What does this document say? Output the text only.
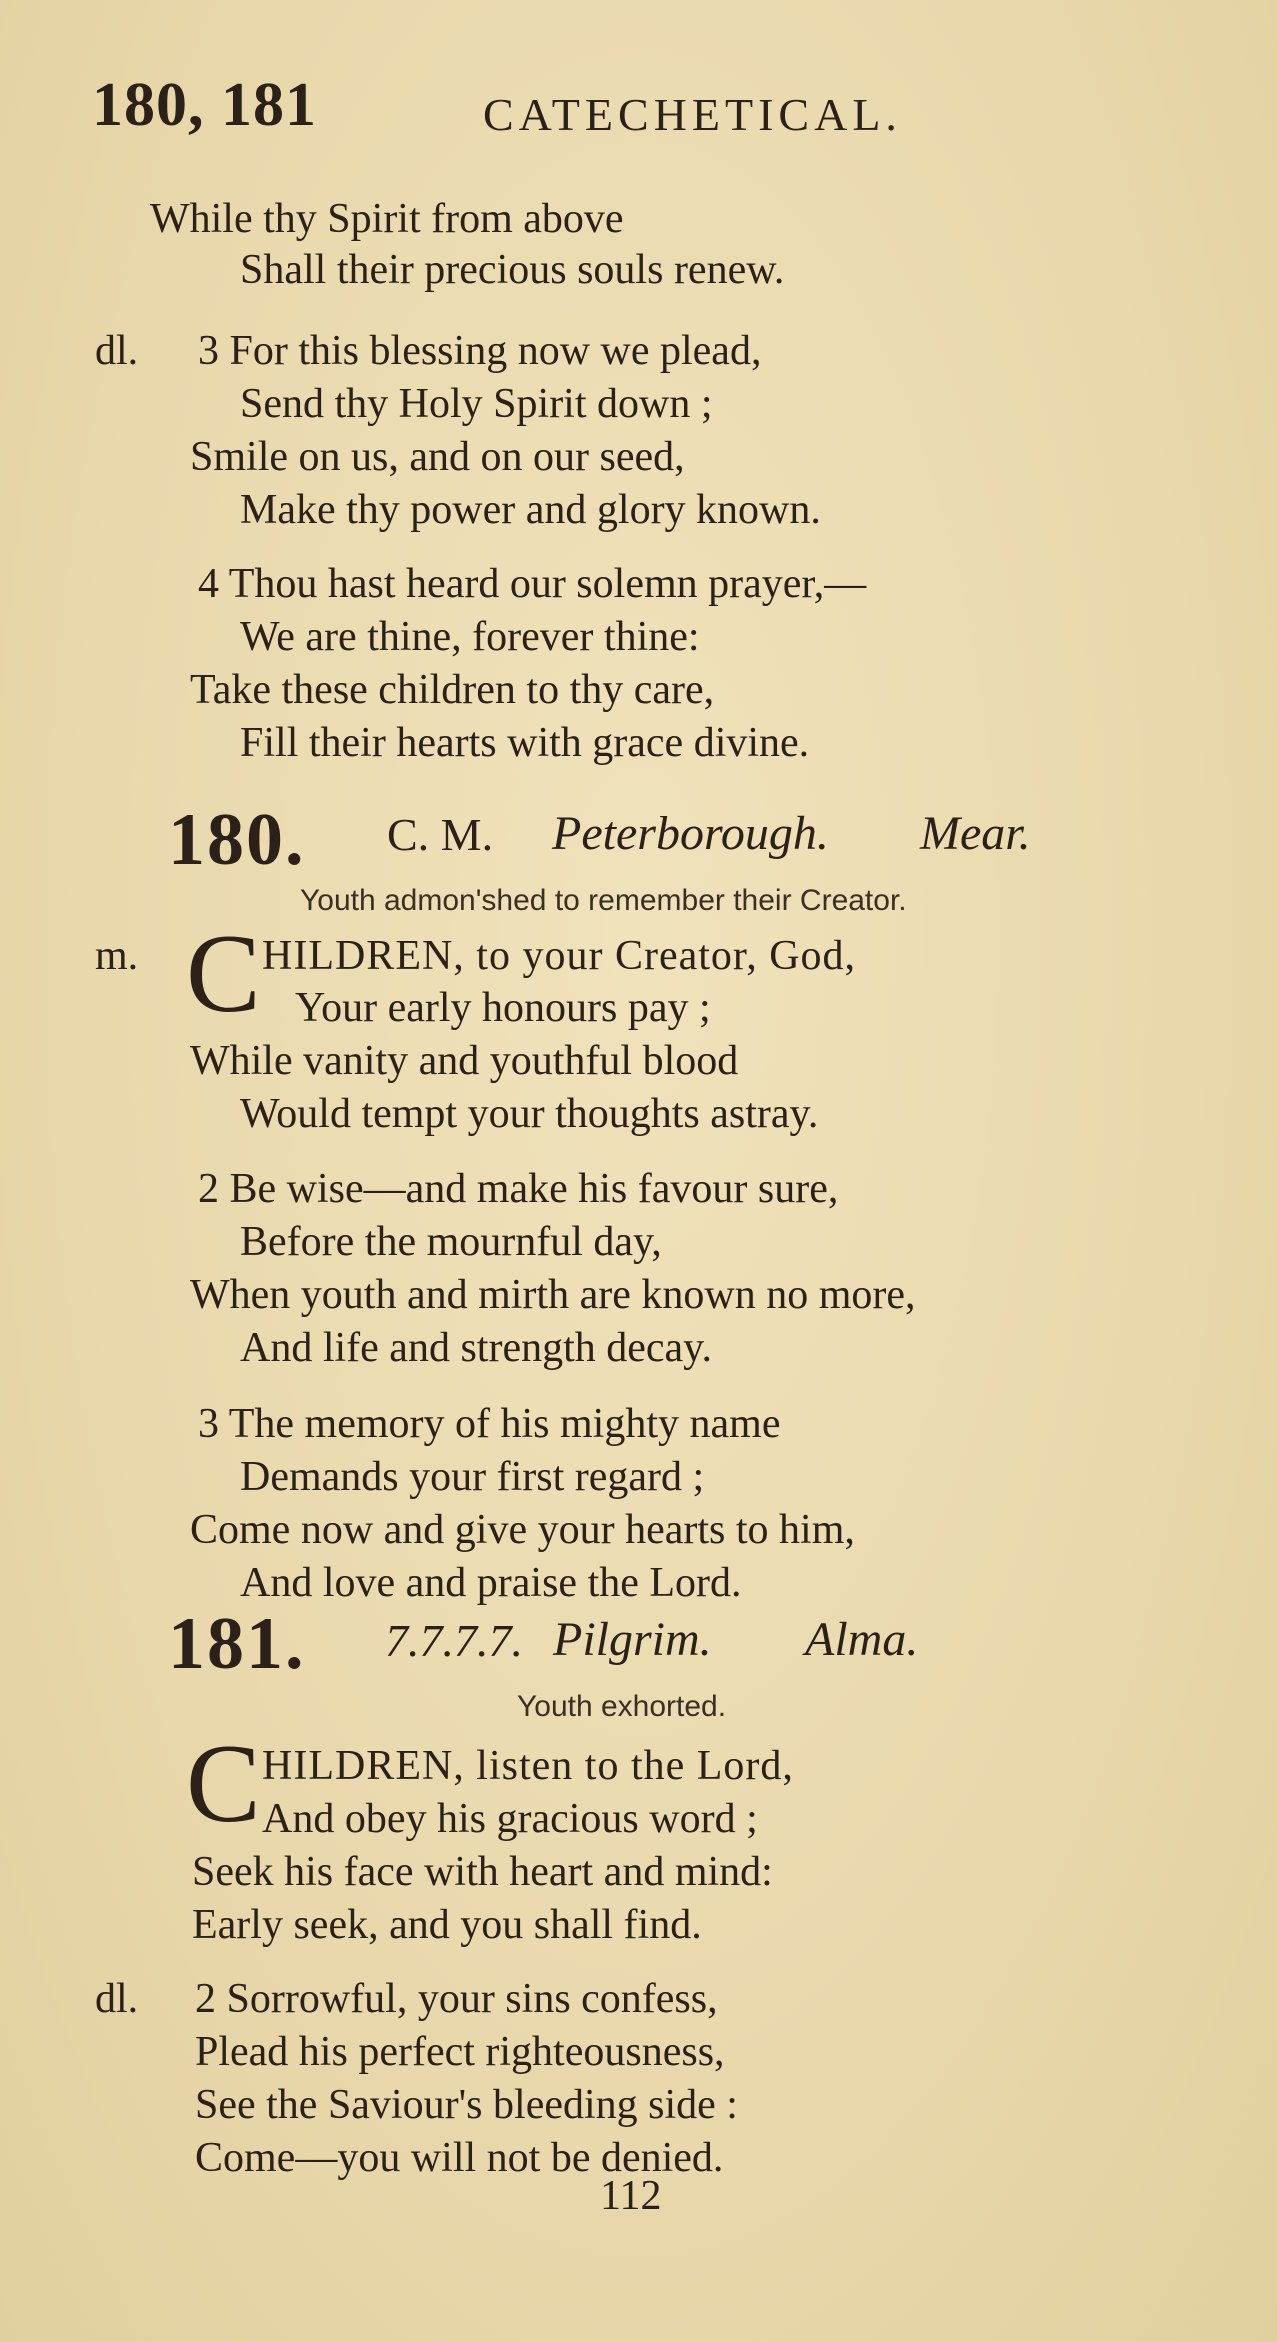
180, 181	CATECHETICAL.
While thy Spirit from above
Shall their precious souls renew.
dl. 3 For this blessing now we plead,
Send thy Holy Spirit down ;
Smile on us, and on our seed,
Make thy power and glory known.
4 Thou hast heard our solemn prayer,—
We are thine, forever thine:
Take these children to thy care,
Fill their hearts with grace divine.
180. C. M. Peterborough. Mear.
Youth admon'shed to remember their Creator.
m. C HILDREN, to your Creator, God,
Your early honours pay ;
While vanity and youthful blood
Would tempt your thoughts astray.
2 Be wise—and make his favour sure,
Before the mournful day,
When youth and mirth are known no more,
And life and strength decay.
3 The memory of his mighty name
Demands your first regard ;
Come now and give your hearts to him,
And love and praise the Lord.
181. 7.7.7.7. Pilgrim. Alma.
Youth exhorted.
C HILDREN, listen to the Lord,
And obey his gracious word ;
Seek his face with heart and mind:
Early seek, and you shall find.
dl. 2 Sorrowful, your sins confess,
Plead his perfect righteousness,
See the Saviour's bleeding side :
Come—you will not be denied.
112
